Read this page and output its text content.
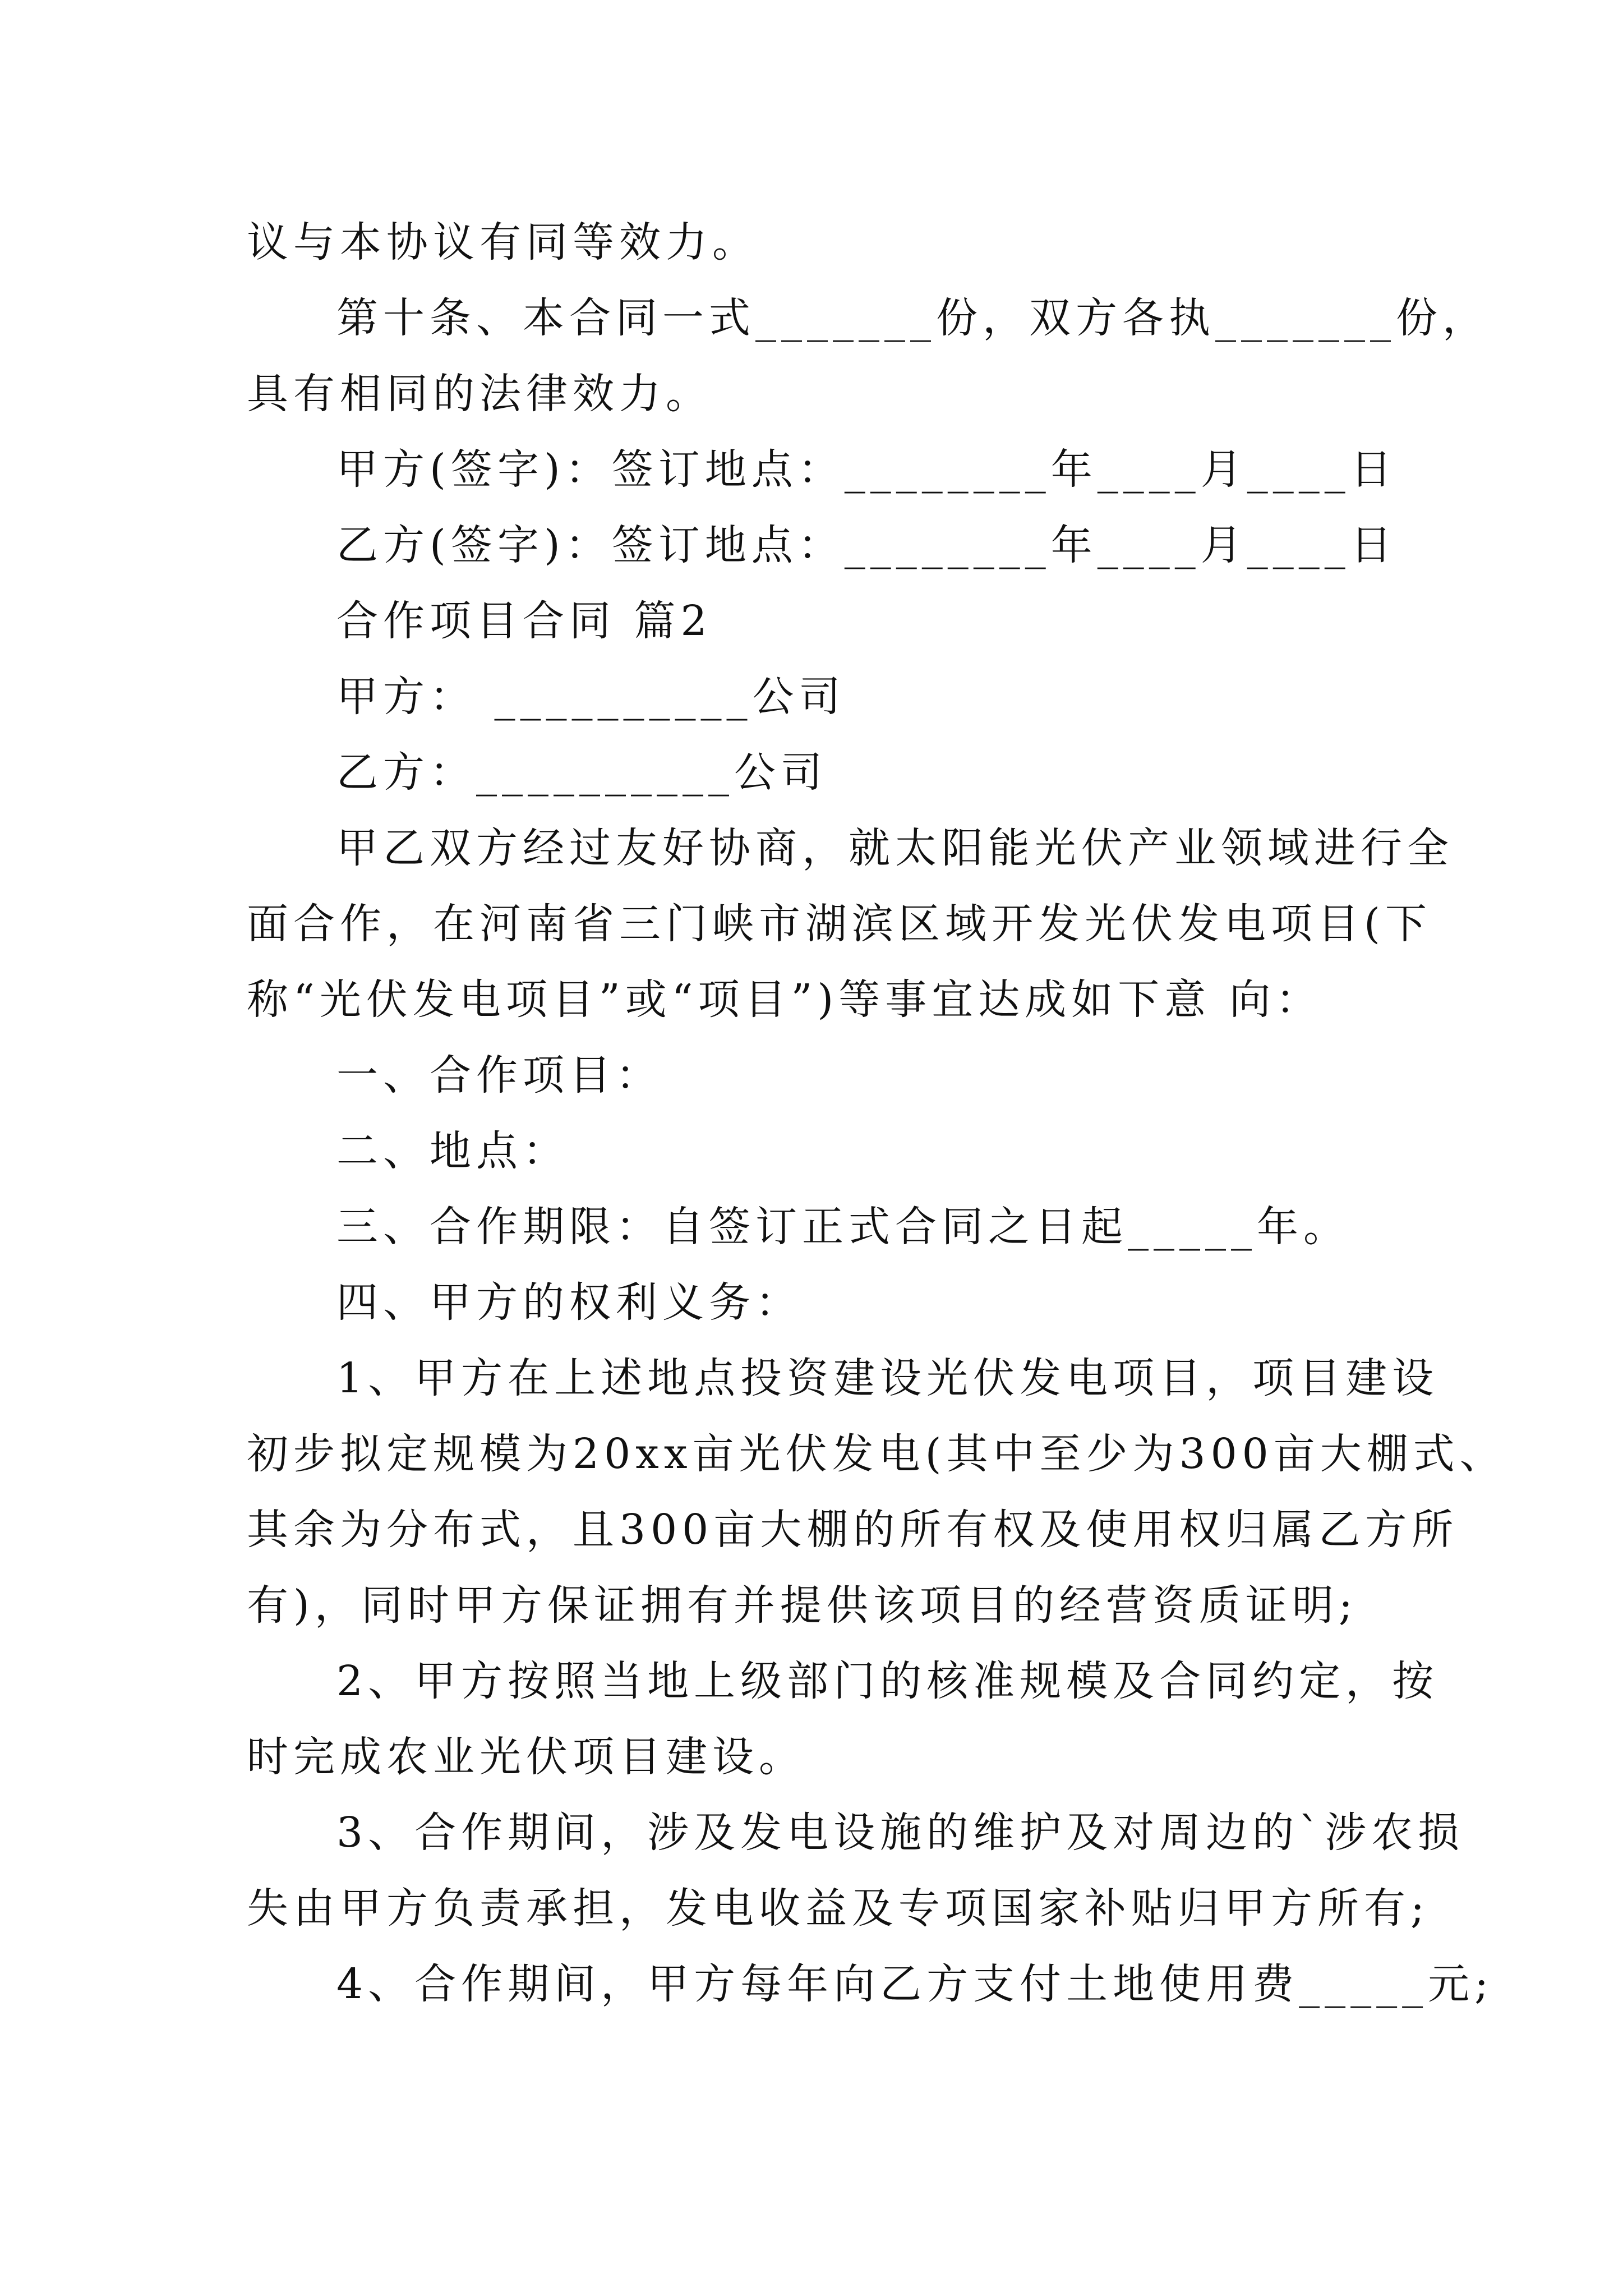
议与本协议有同等效力。

第十条、本合同一式_______份，双方各执_______份，

具有相同的法律效力。

甲方(签字)：签订地点：________年____月____日

乙方(签字)：签订地点：________年____月____日

合作项目合同 篇2

甲方： __________公司

乙方：__________公司

甲乙双方经过友好协商，就太阳能光伏产业领域进行全

面合作，在河南省三门峡市湖滨区域开发光伏发电项目(下

称“光伏发电项目”或“项目”)等事宜达成如下意 向：

一、合作项目：

二、地点：

三、合作期限：自签订正式合同之日起_____年。

四、甲方的权利义务：

1、甲方在上述地点投资建设光伏发电项目，项目建设

初步拟定规模为20xx亩光伏发电(其中至少为300亩大棚式、

其余为分布式，且300亩大棚的所有权及使用权归属乙方所

有)，同时甲方保证拥有并提供该项目的经营资质证明;

2、甲方按照当地上级部门的核准规模及合同约定，按

时完成农业光伏项目建设。

3、合作期间，涉及发电设施的维护及对周边的`涉农损

失由甲方负责承担，发电收益及专项国家补贴归甲方所有;

4、合作期间，甲方每年向乙方支付土地使用费_____元;
